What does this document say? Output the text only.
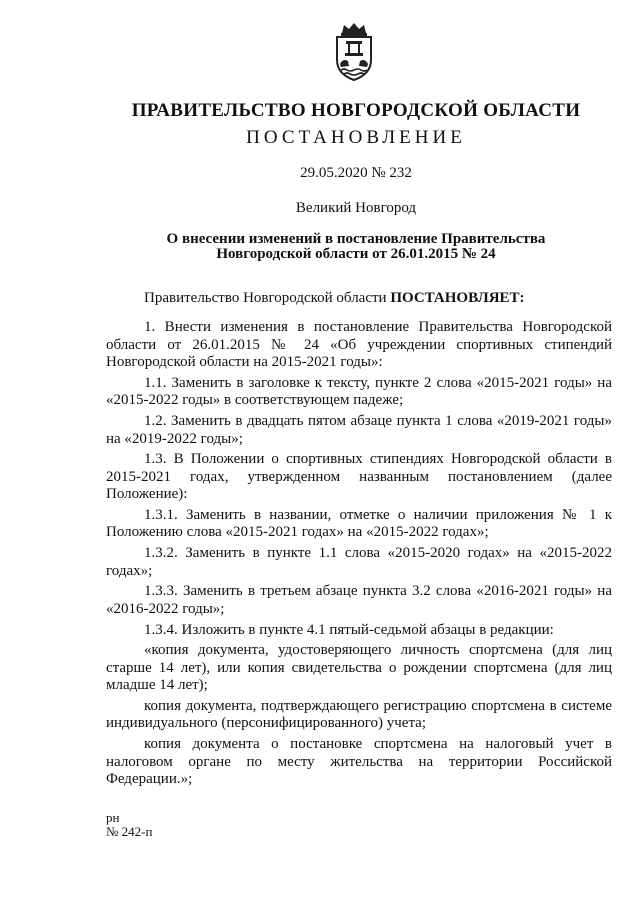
ПРАВИТЕЛЬСТВО НОВГОРОДСКОЙ ОБЛАСТИ
ПОСТАНОВЛЕНИЕ
29.05.2020 № 232
Великий Новгород
О внесении изменений в постановление Правительства
Новгородской области от 26.01.2015 № 24

Правительство Новгородской области ПОСТАНОВЛЯЕТ:

1. Внести изменения в постановление Правительства Новгородской области от 26.01.2015 № 24 «Об учреждении спортивных стипендий Новгородской области на 2015-2021 годы»:

1.1. Заменить в заголовке к тексту, пункте 2 слова «2015-2021 годы» на «2015-2022 годы» в соответствующем падеже;

1.2. Заменить в двадцать пятом абзаце пункта 1 слова «2019-2021 годы» на «2019-2022 годы»;

1.3. В Положении о спортивных стипендиях Новгородской области в 2015-2021 годах, утвержденном названным постановлением (далее Положение):

1.3.1. Заменить в названии, отметке о наличии приложения № 1 к Положению слова «2015-2021 годах» на «2015-2022 годах»;

1.3.2. Заменить в пункте 1.1 слова «2015-2020 годах» на «2015-2022 годах»;

1.3.3. Заменить в третьем абзаце пункта 3.2 слова «2016-2021 годы» на «2016-2022 годы»;

1.3.4. Изложить в пункте 4.1 пятый-седьмой абзацы в редакции:

«копия документа, удостоверяющего личность спортсмена (для лиц старше 14 лет), или копия свидетельства о рождении спортсмена (для лиц младше 14 лет);

копия документа, подтверждающего регистрацию спортсмена в системе индивидуального (персонифицированного) учета;

копия документа о постановке спортсмена на налоговый учет в налоговом органе по месту жительства на территории Российской Федерации.»;

рн
№ 242-п
